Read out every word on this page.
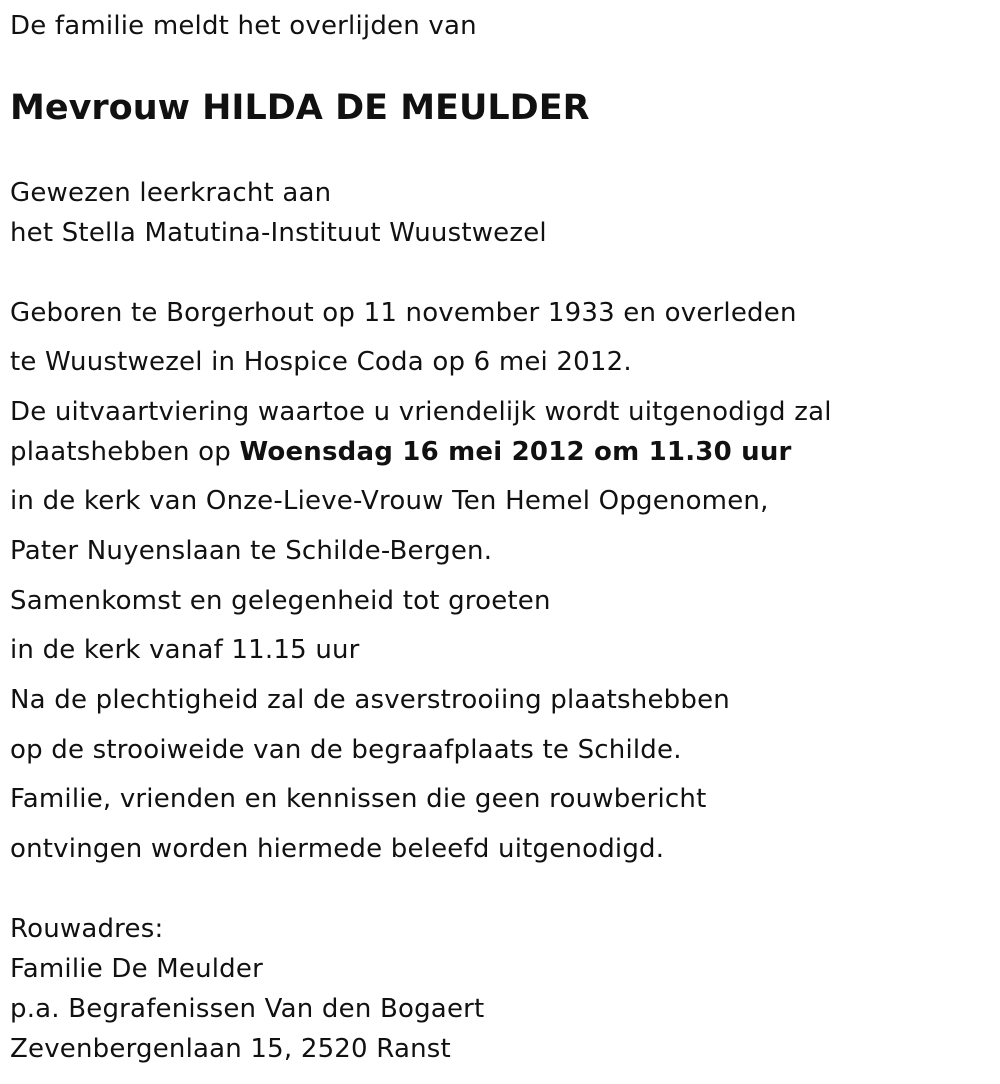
De familie meldt het overlijden van
Mevrouw HILDA DE MEULDER
Gewezen leerkracht aan
het Stella Matutina-Instituut Wuustwezel
Geboren te Borgerhout op 11 november 1933 en overleden
te Wuustwezel in Hospice Coda op 6 mei 2012.
De uitvaartviering waartoe u vriendelijk wordt uitgenodigd zal
plaatshebben op Woensdag 16 mei 2012 om 11.30 uur
in de kerk van Onze-Lieve-Vrouw Ten Hemel Opgenomen,
Pater Nuyenslaan te Schilde-Bergen.
Samenkomst en gelegenheid tot groeten
in de kerk vanaf 11.15 uur
Na de plechtigheid zal de asverstrooiing plaatshebben
op de strooiweide van de begraafplaats te Schilde.
Familie, vrienden en kennissen die geen rouwbericht
ontvingen worden hiermede beleefd uitgenodigd.
Rouwadres:
Familie De Meulder
p.a. Begrafenissen Van den Bogaert
Zevenbergenlaan 15, 2520 Ranst
